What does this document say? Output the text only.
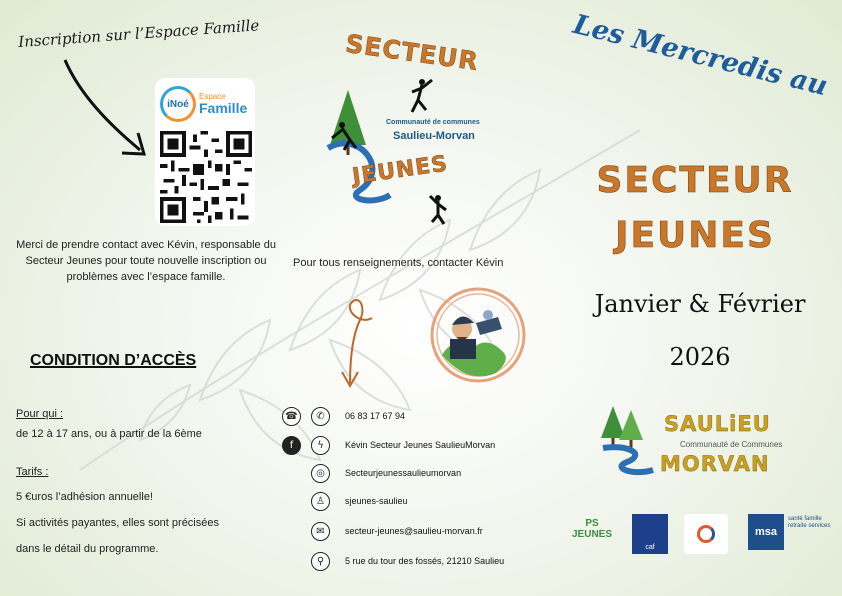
Inscription sur l’Espace Famille
iNoé
Espace
Famille
Merci de prendre contact avec Kévin, responsable du Secteur Jeunes pour toute nouvelle inscription ou problèmes avec l’espace famille.
CONDITION D’ACCÈS
Pour qui :
de 12 à 17 ans, ou à partir de la 6ème
Tarifs :
5 €uros l’adhésion annuelle!
Si activités payantes, elles sont précisées
dans le détail du programme.
SECTEUR
Communauté de communes
Saulieu-Morvan
JEUNES
Pour tous renseignements, contacter Kévin
☎	✆	06 83 17 67 94
f	ϟ	Kévin Secteur Jeunes SaulieuMorvan
◎	Secteurjeunessaulieumorvan
♙	sjeunes-saulieu
✉	secteur-jeunes@saulieu-morvan.fr
⚲	5 rue du tour des fossés, 21210 Saulieu
Les Mercredis au
SECTEUR
JEUNES
Janvier & Février
2026
SAULiEU
Communauté de Communes
MORVAN
PS JEUNES
caf
msa
santé famille retraite services
